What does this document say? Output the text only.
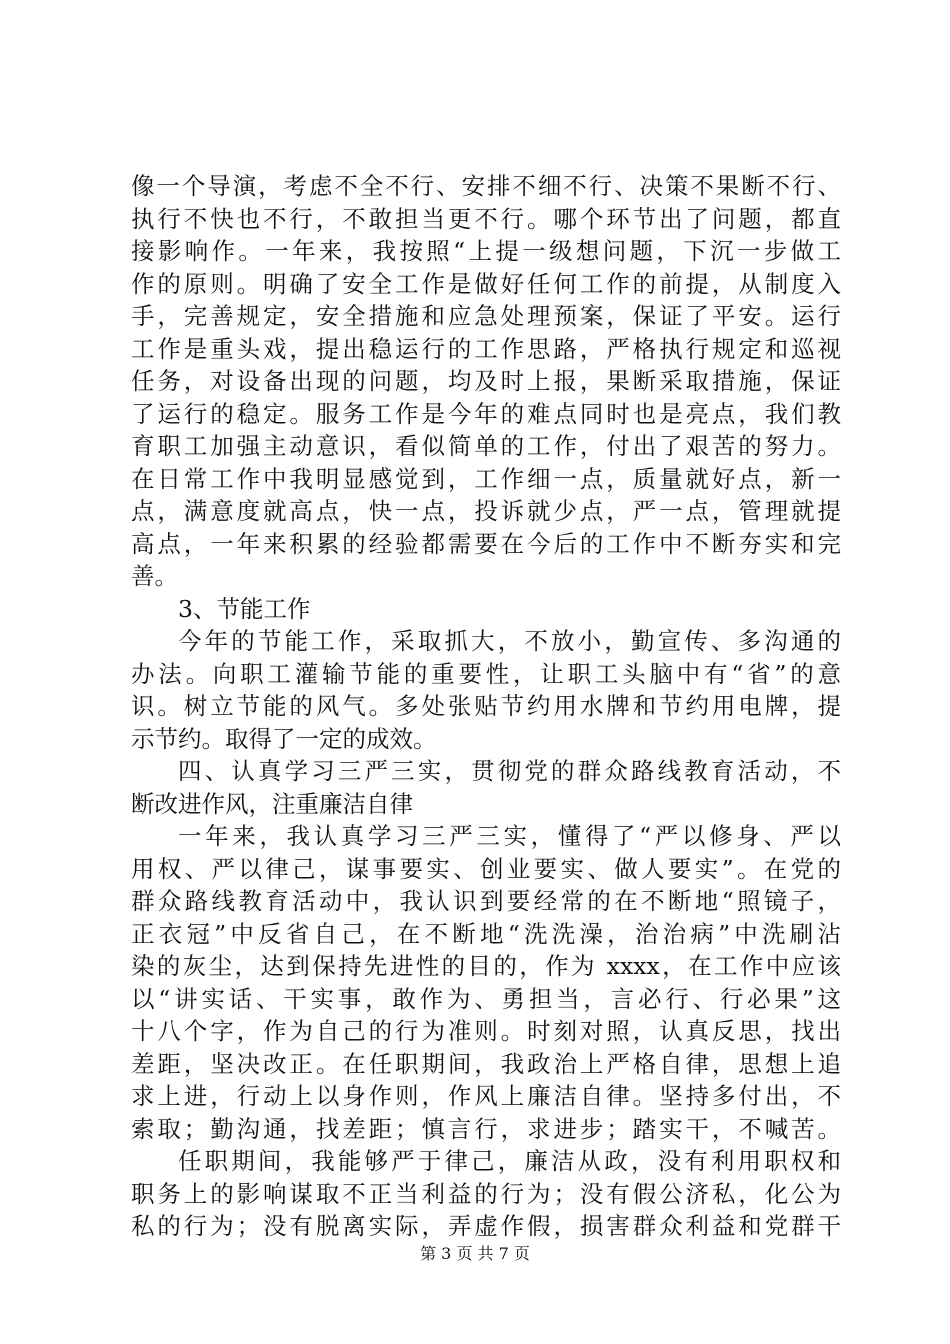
像一个导演，考虑不全不行、安排不细不行、决策不果断不行、
执行不快也不行，不敢担当更不行。哪个环节出了问题，都直
接影响作。一年来，我按照“上提一级想问题，下沉一步做工
作的原则。明确了安全工作是做好任何工作的前提，从制度入
手，完善规定，安全措施和应急处理预案，保证了平安。运行
工作是重头戏，提出稳运行的工作思路，严格执行规定和巡视
任务，对设备出现的问题，均及时上报，果断采取措施，保证
了运行的稳定。服务工作是今年的难点同时也是亮点，我们教
育职工加强主动意识，看似简单的工作，付出了艰苦的努力。
在日常工作中我明显感觉到，工作细一点，质量就好点，新一
点，满意度就高点，快一点，投诉就少点，严一点，管理就提
高点，一年来积累的经验都需要在今后的工作中不断夯实和完
善。
3、节能工作
今年的节能工作，采取抓大，不放小，勤宣传、多沟通的
办法。向职工灌输节能的重要性，让职工头脑中有“省”的意
识。树立节能的风气。多处张贴节约用水牌和节约用电牌，提
示节约。取得了一定的成效。
四、认真学习三严三实，贯彻党的群众路线教育活动，不
断改进作风，注重廉洁自律
一年来，我认真学习三严三实，懂得了“严以修身、严以
用权、严以律己，谋事要实、创业要实、做人要实”。在党的
群众路线教育活动中，我认识到要经常的在不断地“照镜子，
正衣冠”中反省自己，在不断地“洗洗澡，治治病”中洗刷沾
染的灰尘，达到保持先进性的目的，作为 xxxx，在工作中应该
以“讲实话、干实事，敢作为、勇担当，言必行、行必果”这
十八个字，作为自己的行为准则。时刻对照，认真反思，找出
差距，坚决改正。在任职期间，我政治上严格自律，思想上追
求上进，行动上以身作则，作风上廉洁自律。坚持多付出，不
索取；勤沟通，找差距；慎言行，求进步；踏实干，不喊苦。
任职期间，我能够严于律己，廉洁从政，没有利用职权和
职务上的影响谋取不正当利益的行为；没有假公济私，化公为
私的行为；没有脱离实际，弄虚作假，损害群众利益和党群干
第 3 页 共 7 页
